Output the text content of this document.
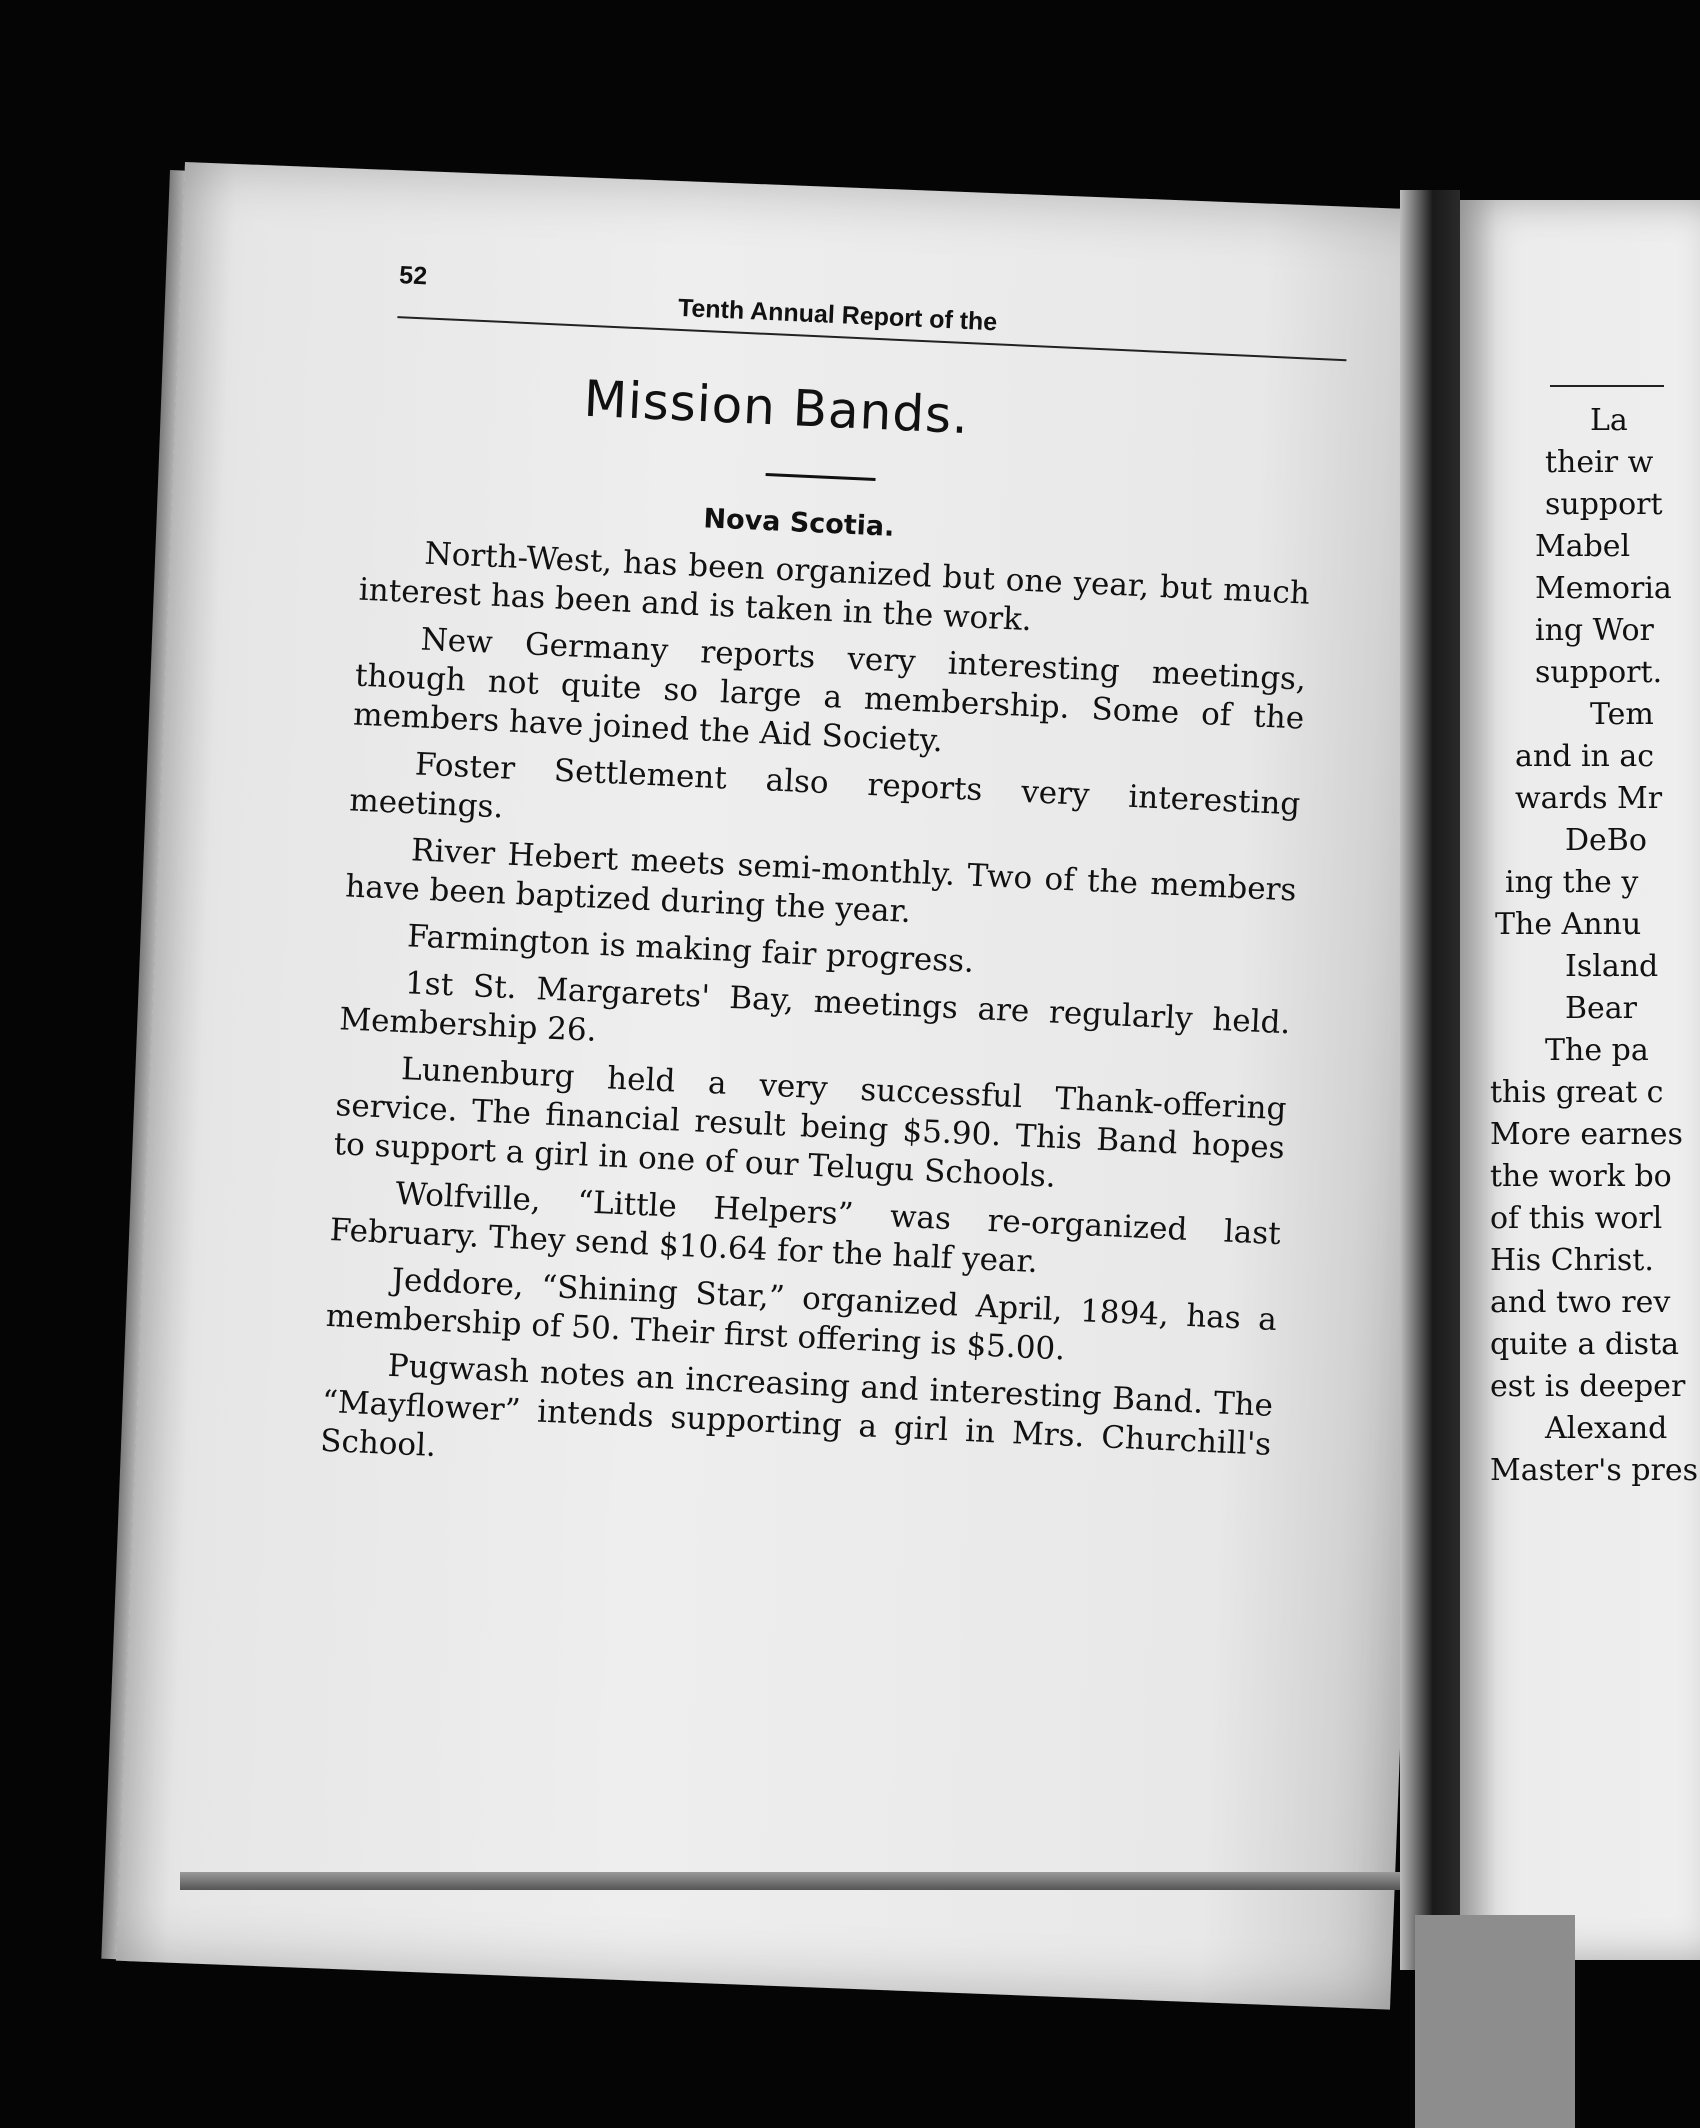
52
Tenth Annual Report of the
Mission Bands.
Nova Scotia.

North-West, has been organized but one year, but much interest has been and is taken in the work.

New Germany reports very interesting meetings, though not quite so large a membership. Some of the members have joined the Aid Society.

Foster Settlement also reports very interesting meetings.

River Hebert meets semi-monthly. Two of the members have been baptized during the year.

Farmington is making fair progress.

1st St. Margarets' Bay, meetings are regularly held. Membership 26.

Lunenburg held a very successful Thank-offering service. The financial result being $5.90. This Band hopes to support a girl in one of our Telugu Schools.

Wolfville, “Little Helpers” was re-organized last February. They send $10.64 for the half year.

Jeddore, “Shining Star,” organized April, 1894, has a membership of 50. Their first offering is $5.00.

Pugwash notes an increasing and interesting Band. The “Mayflower” intends supporting a girl in Mrs. Churchill's School.

La
their w
support
Mabel
Memoria
ing Wor
support.
Tem
and in ac
wards Mr
DeBo
ing the y
The Annu
Island
Bear
The pa
this great c
More earnes
the work bo
of this worl
His Christ.
and two rev
quite a dista
est is deeper
Alexand
Master's pres
